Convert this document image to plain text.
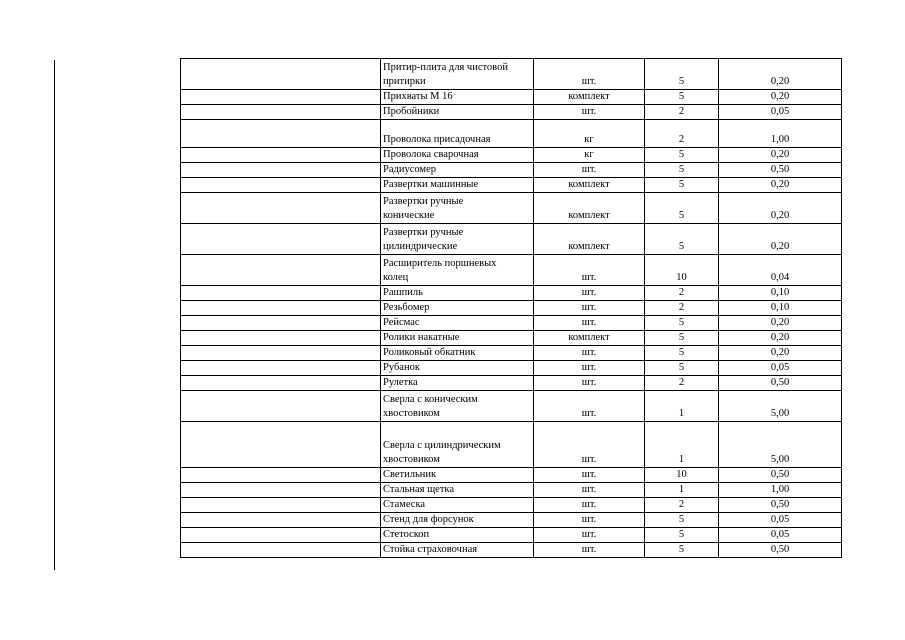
	Притир-плита для чистовой
притирки	шт.	5	0,20
	Прихваты М 16	комплект	5	0,20
	Пробойники	шт.	2	0,05
	Проволока присадочная	кг	2	1,00
	Проволока сварочная	кг	5	0,20
	Радиусомер	шт.	5	0,50
	Развертки машинные	комплект	5	0,20
	Развертки ручные
конические	комплект	5	0,20
	Развертки ручные
цилиндрические	комплект	5	0,20
	Расширитель поршневых
колец	шт.	10	0,04
	Рашпиль	шт.	2	0,10
	Резьбомер	шт.	2	0,10
	Рейсмас	шт.	5	0,20
	Ролики накатные	комплект	5	0,20
	Роликовый обкатник	шт.	5	0,20
	Рубанок	шт.	5	0,05
	Рулетка	шт.	2	0,50
	Сверла с коническим
хвостовиком	шт.	1	5,00
	Сверла с цилиндрическим
хвостовиком	шт.	1	5,00
	Светильник	шт.	10	0,50
	Стальная щетка	шт.	1	1,00
	Стамеска	шт.	2	0,50
	Стенд для форсунок	шт.	5	0,05
	Стетоскоп	шт.	5	0,05
	Стойка страховочная	шт.	5	0,50
